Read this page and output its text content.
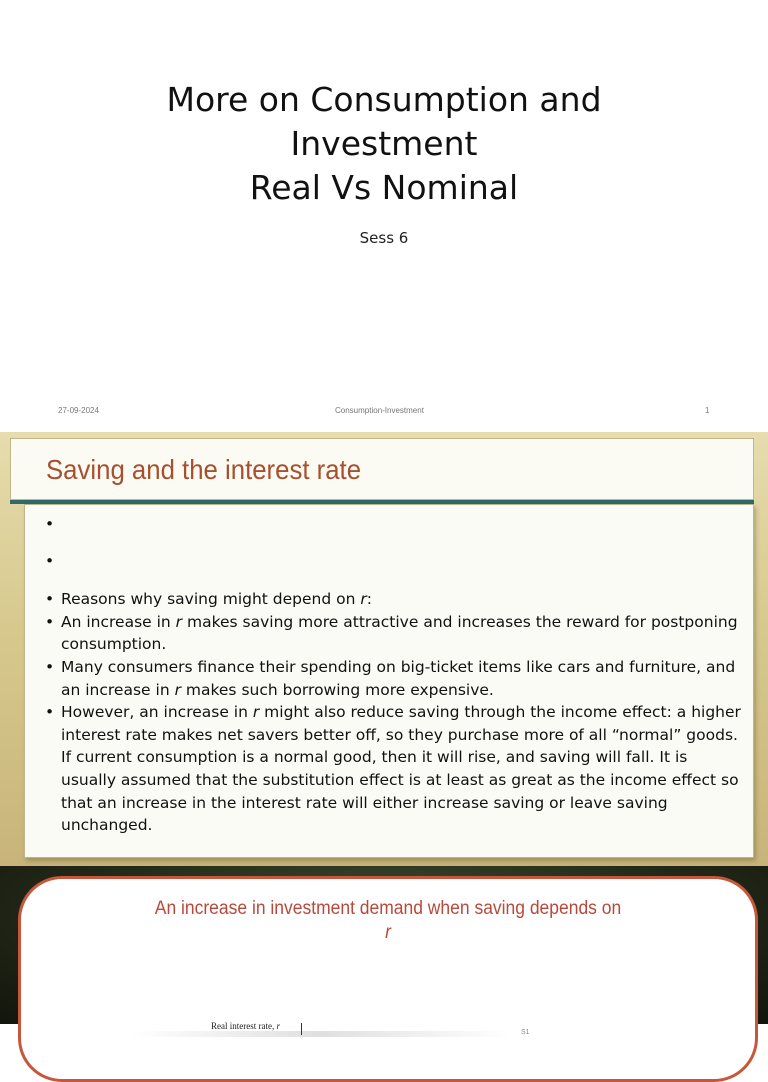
More on Consumption and
Investment
Real Vs Nominal
Sess 6
27-09-2024	Consumption-Investment	1
Saving and the interest rate
•
•
• Reasons why saving might depend on r:
• An increase in r makes saving more attractive and increases the reward for postponing consumption.
• Many consumers finance their spending on big-ticket items like cars and furniture, and an increase in r makes such borrowing more expensive.
• However, an increase in r might also reduce saving through the income effect: a higher interest rate makes net savers better off, so they purchase more of all “normal” goods. If current consumption is a normal good, then it will rise, and saving will fall. It is usually assumed that the substitution effect is at least as great as the income effect so that an increase in the interest rate will either increase saving or leave saving unchanged.
An increase in investment demand when saving depends on
r
Real interest rate, r
S1
